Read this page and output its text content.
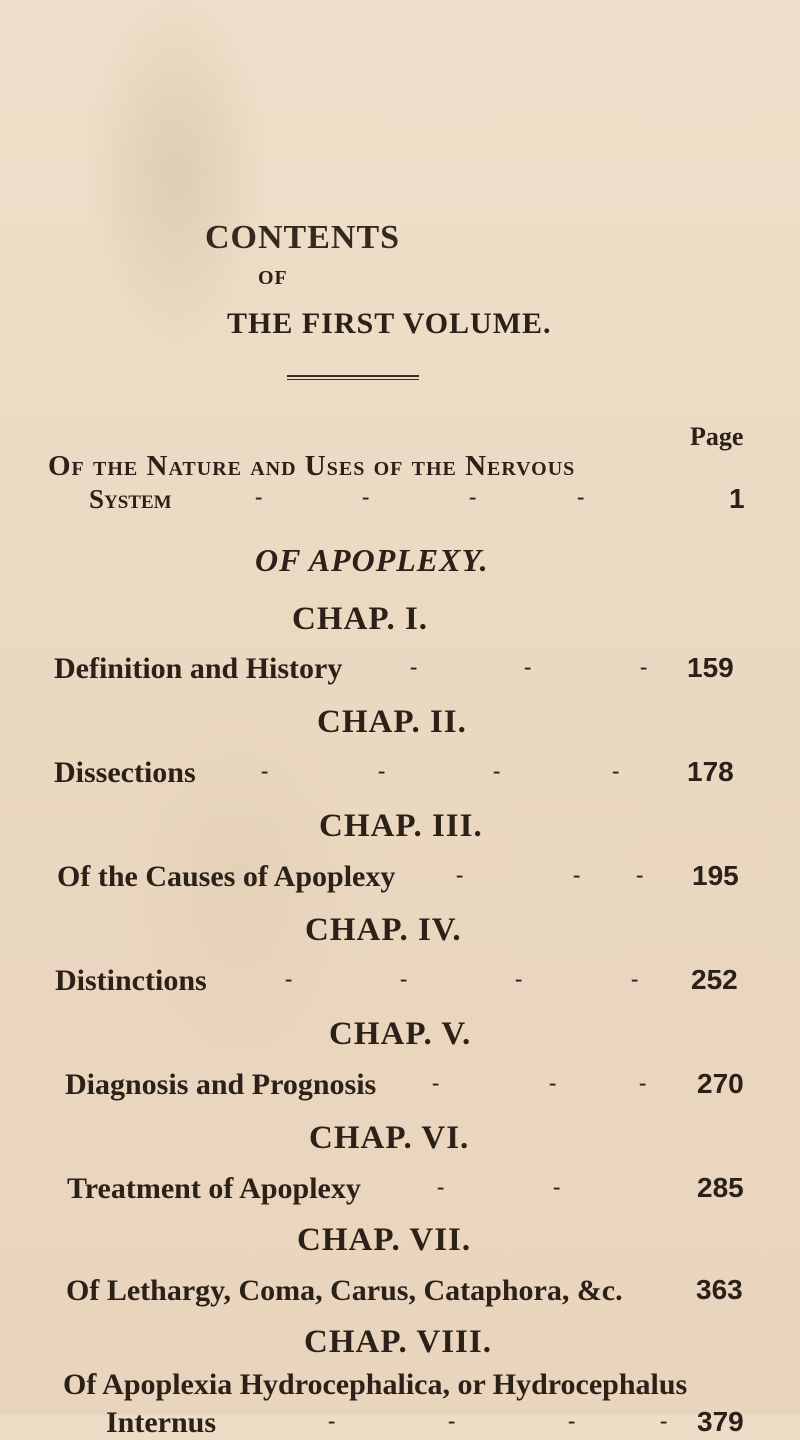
CONTENTS
OF
THE FIRST VOLUME.
Page
Of the Nature and Uses of the Nervous
System	-	-	-	-	1
OF APOPLEXY.
CHAP. I.
Definition and History	-	-	- 159
CHAP. II.
Dissections	-	-	-	- 178
CHAP. III.
Of the Causes of Apoplexy	-	-	- 195
CHAP. IV.
Distinctions	-	-	-	- 252
CHAP. V.
Diagnosis and Prognosis	-	-	- 270
CHAP. VI.
Treatment of Apoplexy	-	-	285
CHAP. VII.
Of Lethargy, Coma, Carus, Cataphora, &c.	363
CHAP. VIII.
Of Apoplexia Hydrocephalica, or Hydrocephalus
Internus	-	-	-	- 379
